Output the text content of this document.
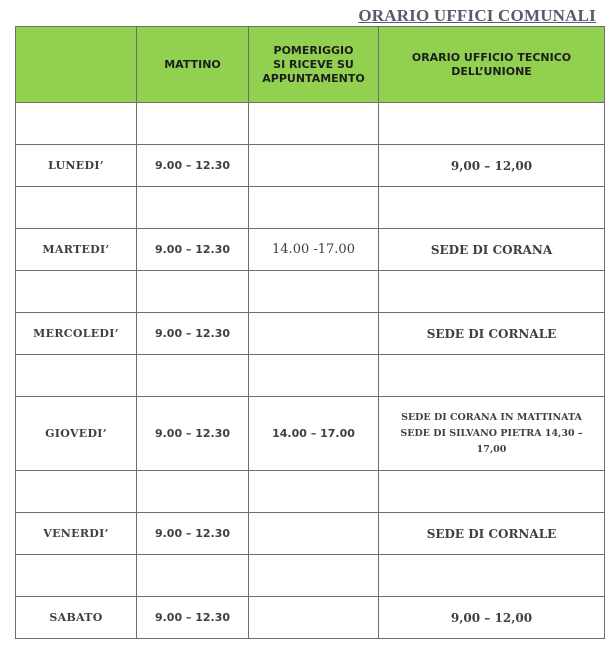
ORARIO UFFICI COMUNALI
	MATTINO	POMERIGGIO
SI RICEVE SU
APPUNTAMENTO	ORARIO UFFICIO TECNICO
DELL’UNIONE

LUNEDI’	9.00 – 12.30		9,00 – 12,00

MARTEDI’	9.00 – 12.30	14.00 -17.00	SEDE DI CORANA

MERCOLEDI’	9.00 – 12.30		SEDE DI CORNALE

GIOVEDI’	9.00 – 12.30	14.00 – 17.00	SEDE DI CORANA IN MATTINATA
SEDE DI SILVANO PIETRA 14,30 –
17,00

VENERDI’	9.00 – 12.30		SEDE DI CORNALE

SABATO	9.00 – 12.30		9,00 – 12,00
